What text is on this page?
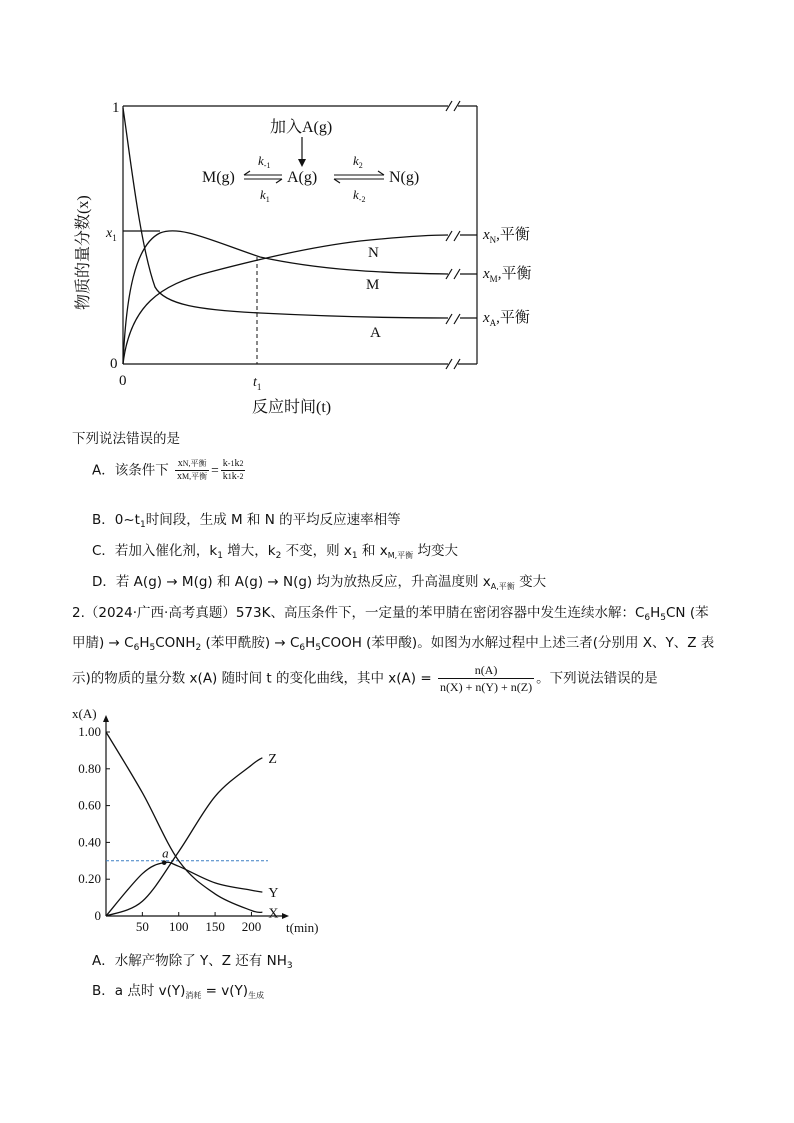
1
0
0
$x_1$
$t_1$
物质的量分数(x)
反应时间(t)
加入A(g)
M(g)	A(g)	N(g)
$k_{-1}$
$k_1$
$k_2$
$k_{-2}$
N
M
A
$x_N$,平衡
$x_M$,平衡
$x_A$,平衡
下列说法错误的是
A．该条件下 $\frac{\text{xN,平衡}}{\text{xM,平衡}} = \frac{k-1k2}{k1k-2}$
B．$0\sim t_1$时间段，生成 M 和 N 的平均反应速率相等
C．若加入催化剂，$k_1$ 增大，$k_2$ 不变，则 $x_1$ 和 $x_{M,平衡}$ 均变大
D．若 A(g) → M(g) 和 A(g) → N(g) 均为放热反应，升高温度则 $x_{A,平衡}$ 变大
2.（2024·广西·高考真题）573K、高压条件下，一定量的苯甲腈在密闭容器中发生连续水解：$C_6H_5CN$ (苯
甲腈) → $C_6H_5CONH_2$ (苯甲酰胺) → $C_6H_5COOH$ (苯甲酸)。如图为水解过程中上述三者(分别用 X、Y、Z 表
示)的物质的量分数 x(A) 随时间 t 的变化曲线，其中 $x(A) = \frac{n(A)}{n(X) + n(Y) + n(Z)}$ 。下列说法错误的是
0
0.20
0.40
0.60
0.80
1.00
50 100 150 200
x(A)
t(min)
X
Y
Z
a
A．水解产物除了 Y、Z 还有 $NH_3$
B．a 点时 $v(Y)_{消耗} = v(Y)_{生成}$
